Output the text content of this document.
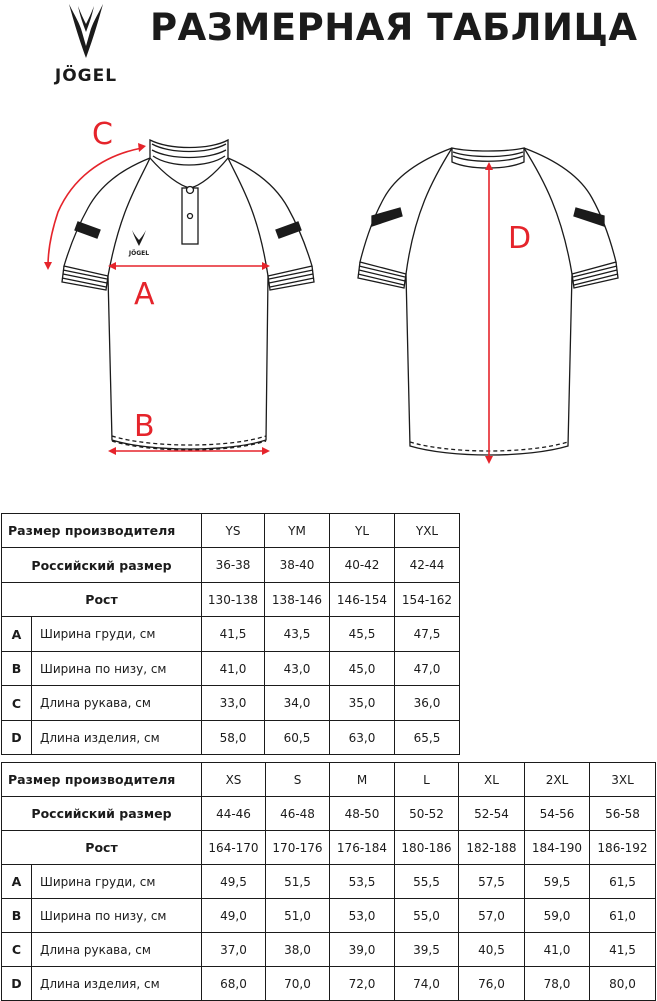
JÖGEL
РАЗМЕРНАЯ ТАБЛИЦА
JÖGEL
C
A
B
D
Размер производителя		YS	YM	YL	YXL
Российский размер		36-38	38-40	40-42	42-44
Рост		130-138	138-146	146-154	154-162
A	Ширина груди, см	41,5	43,5	45,5	47,5
B	Ширина по низу, см	41,0	43,0	45,0	47,0
C	Длина рукава, см	33,0	34,0	35,0	36,0
D	Длина изделия, см	58,0	60,5	63,0	65,5
Размер производителя		XS	S	M	L	XL	2XL	3XL
Российский размер		44-46	46-48	48-50	50-52	52-54	54-56	56-58
Рост		164-170	170-176	176-184	180-186	182-188	184-190	186-192
A	Ширина груди, см	49,5	51,5	53,5	55,5	57,5	59,5	61,5
B	Ширина по низу, см	49,0	51,0	53,0	55,0	57,0	59,0	61,0
C	Длина рукава, см	37,0	38,0	39,0	39,5	40,5	41,0	41,5
D	Длина изделия, см	68,0	70,0	72,0	74,0	76,0	78,0	80,0
